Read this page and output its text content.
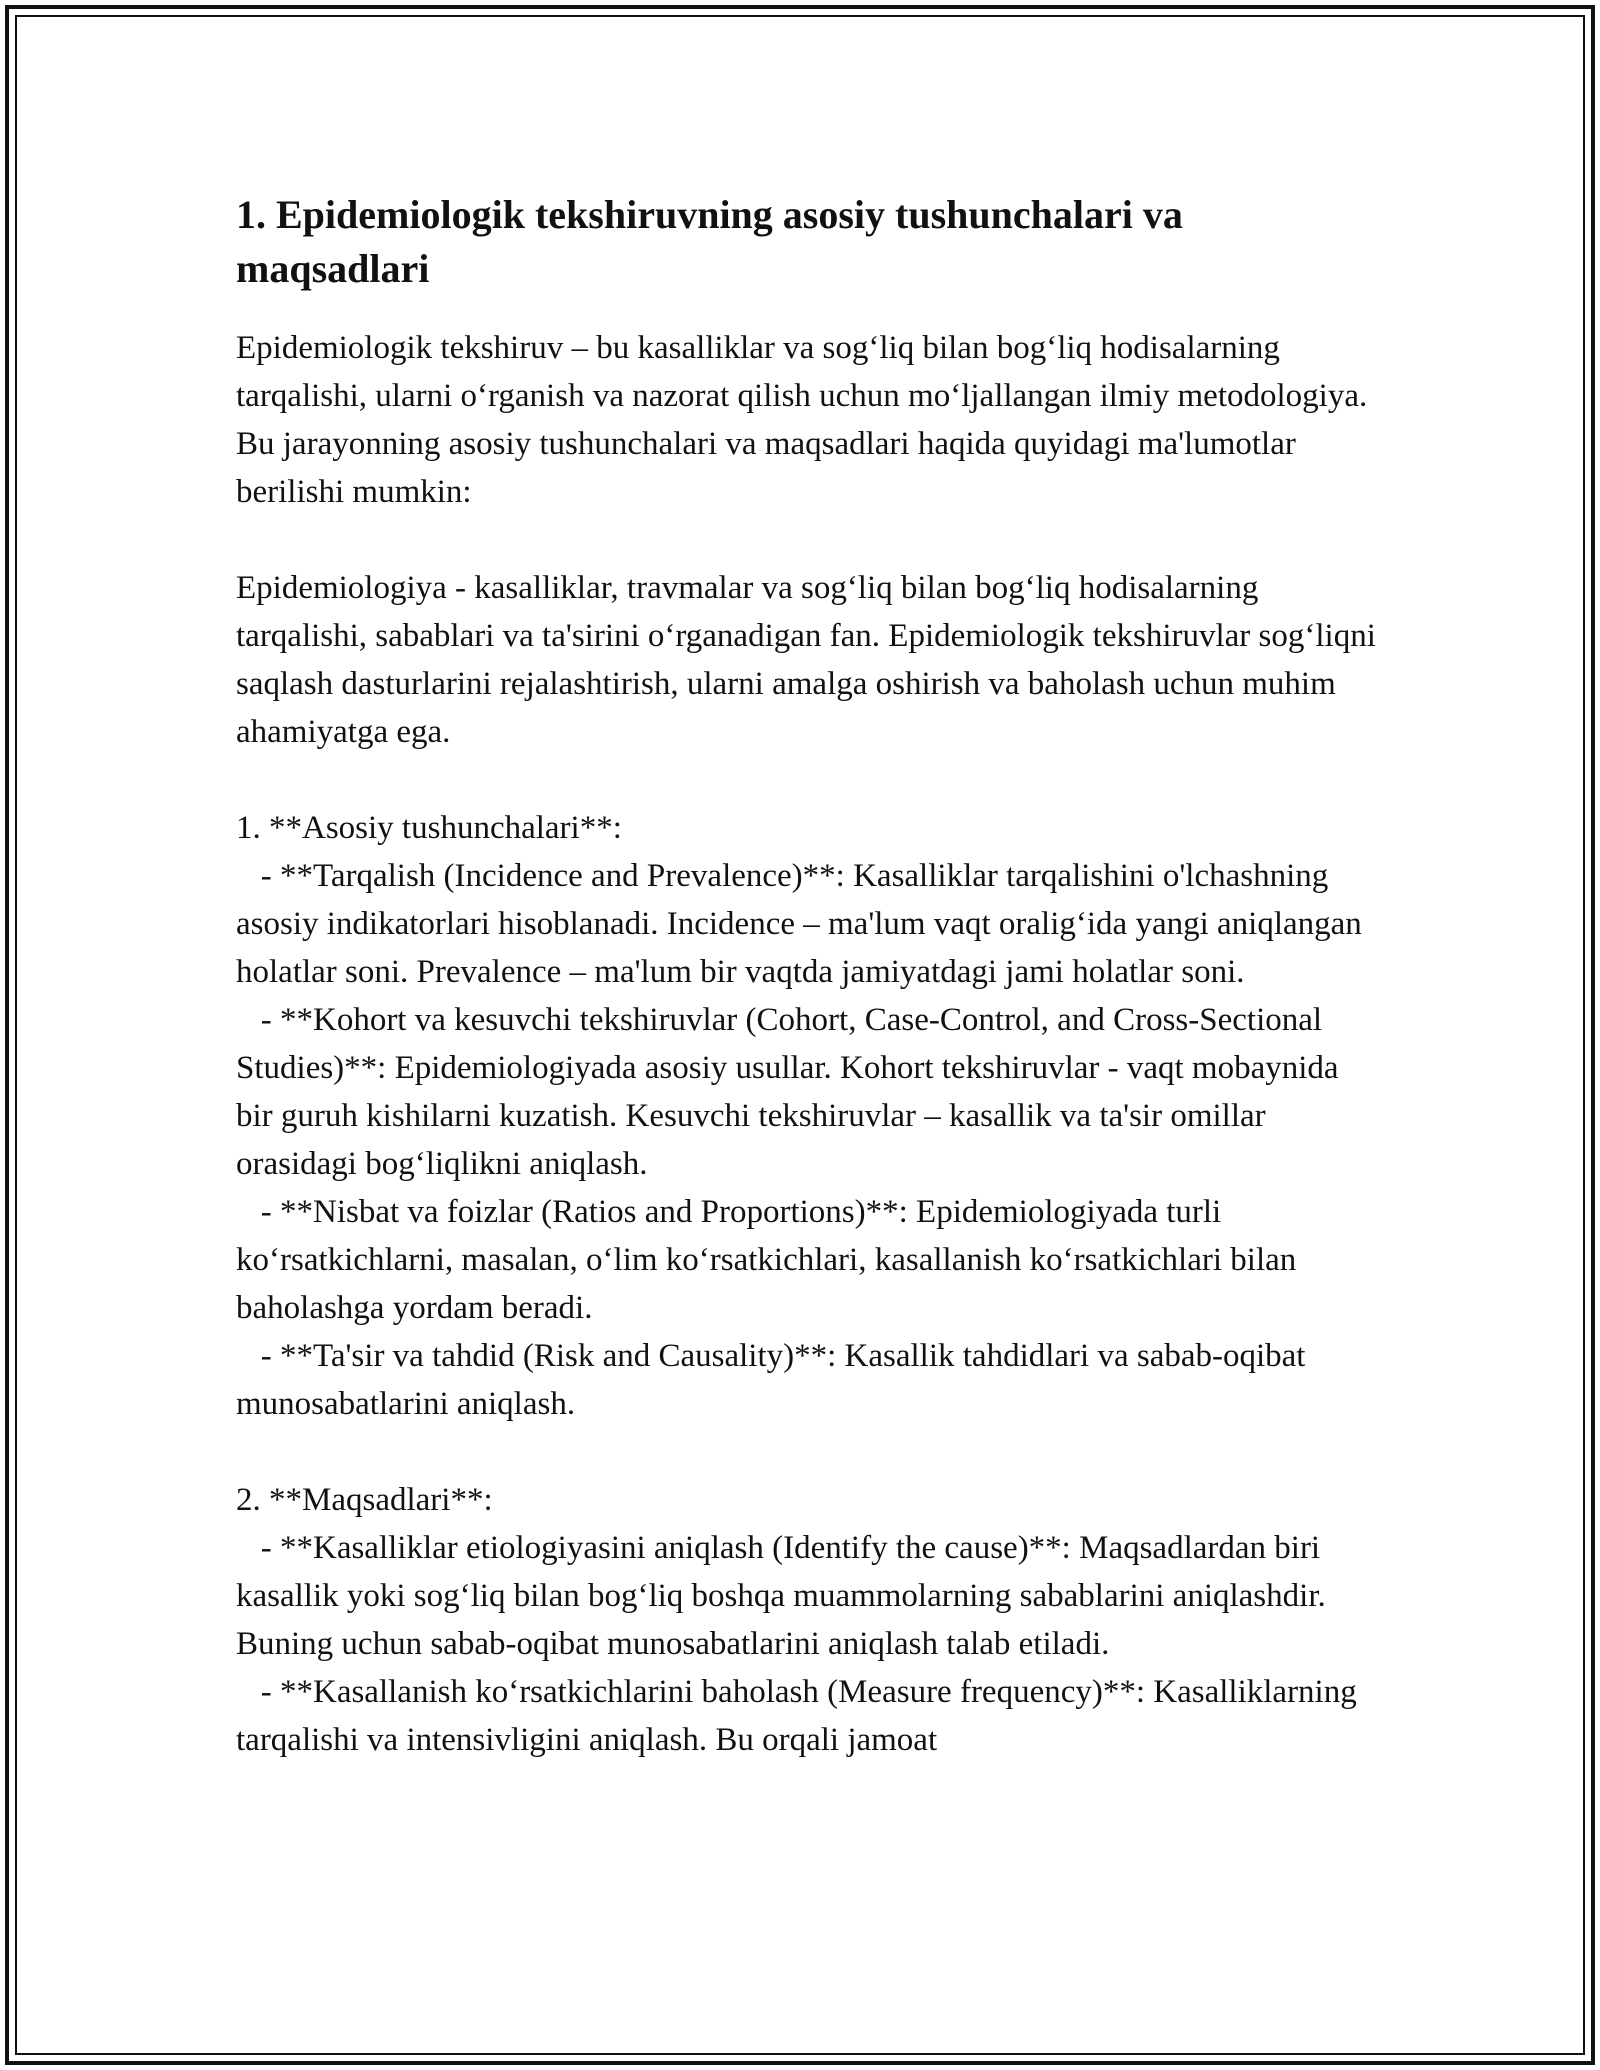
1. Epidemiologik tekshiruvning asosiy tushunchalari va maqsadlari

Epidemiologik tekshiruv – bu kasalliklar va sog‘liq bilan bog‘liq hodisalarning tarqalishi, ularni o‘rganish va nazorat qilish uchun mo‘ljallangan ilmiy metodologiya. Bu jarayonning asosiy tushunchalari va maqsadlari haqida quyidagi ma'lumotlar berilishi mumkin:

Epidemiologiya - kasalliklar, travmalar va sog‘liq bilan bog‘liq hodisalarning tarqalishi, sabablari va ta'sirini o‘rganadigan fan. Epidemiologik tekshiruvlar sog‘liqni saqlash dasturlarini rejalashtirish, ularni amalga oshirish va baholash uchun muhim ahamiyatga ega.

1. **Asosiy tushunchalari**:
- **Tarqalish (Incidence and Prevalence)**: Kasalliklar tarqalishini o'lchashning asosiy indikatorlari hisoblanadi. Incidence – ma'lum vaqt oralig‘ida yangi aniqlangan holatlar soni. Prevalence – ma'lum bir vaqtda jamiyatdagi jami holatlar soni.
- **Kohort va kesuvchi tekshiruvlar (Cohort, Case-Control, and Cross-Sectional Studies)**: Epidemiologiyada asosiy usullar. Kohort tekshiruvlar - vaqt mobaynida bir guruh kishilarni kuzatish. Kesuvchi tekshiruvlar – kasallik va ta'sir omillar orasidagi bog‘liqlikni aniqlash.
- **Nisbat va foizlar (Ratios and Proportions)**: Epidemiologiyada turli ko‘rsatkichlarni, masalan, o‘lim ko‘rsatkichlari, kasallanish ko‘rsatkichlari bilan baholashga yordam beradi.
- **Ta'sir va tahdid (Risk and Causality)**: Kasallik tahdidlari va sabab-oqibat munosabatlarini aniqlash.
2. **Maqsadlari**:
- **Kasalliklar etiologiyasini aniqlash (Identify the cause)**: Maqsadlardan biri kasallik yoki sog‘liq bilan bog‘liq boshqa muammolarning sabablarini aniqlashdir. Buning uchun sabab-oqibat munosabatlarini aniqlash talab etiladi.
- **Kasallanish ko‘rsatkichlarini baholash (Measure frequency)**: Kasalliklarning tarqalishi va intensivligini aniqlash. Bu orqali jamoat
